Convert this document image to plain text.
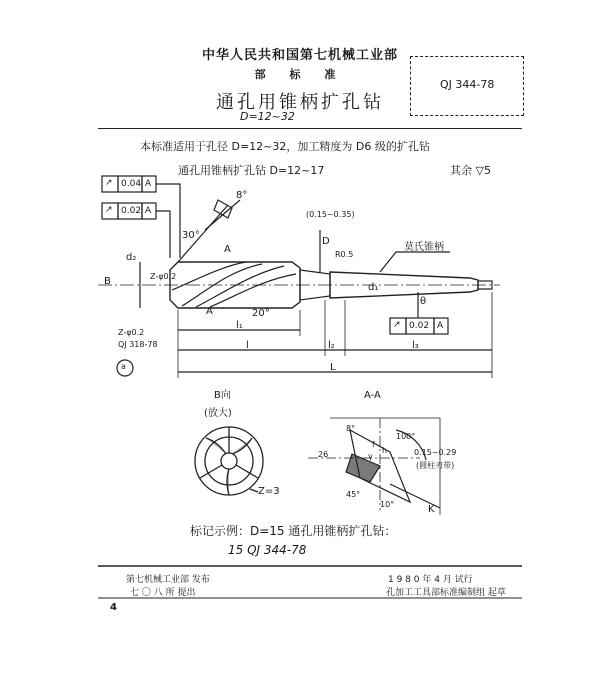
中华人民共和国第七机械工业部
部 标 准
通孔用锥柄扩孔钻
D=12~32
QJ 344-78
本标准适用于孔径 D=12~32，加工精度为 D6 级的扩孔钻
通孔用锥柄扩孔钻 D=12~17	其余 ▽5
↗ 0.04 A
↗ 0.02 A
↗ 0.02 A
8°
30°
20°
D
(0.15~0.35)
R0.5
莫氏锥柄
A
A
B
d₁
l₁
l	l₂	l₃
L
Z-φ0.2
QJ 318-78
a
θ
d₂
Z-φ0.2
B向
(放大)
Z=3
A-A
8°
100°
f
h
γ
26	0.15~0.29
(圆柱刃带)
45°
10°	K
标记示例：D=15 通孔用锥柄扩孔钻：
15 QJ 344-78
第七机械工业部 发布
七 〇 八 所 提出
1 9 8 0 年 4 月 试行
孔加工工具部标准编制组 起草
4
